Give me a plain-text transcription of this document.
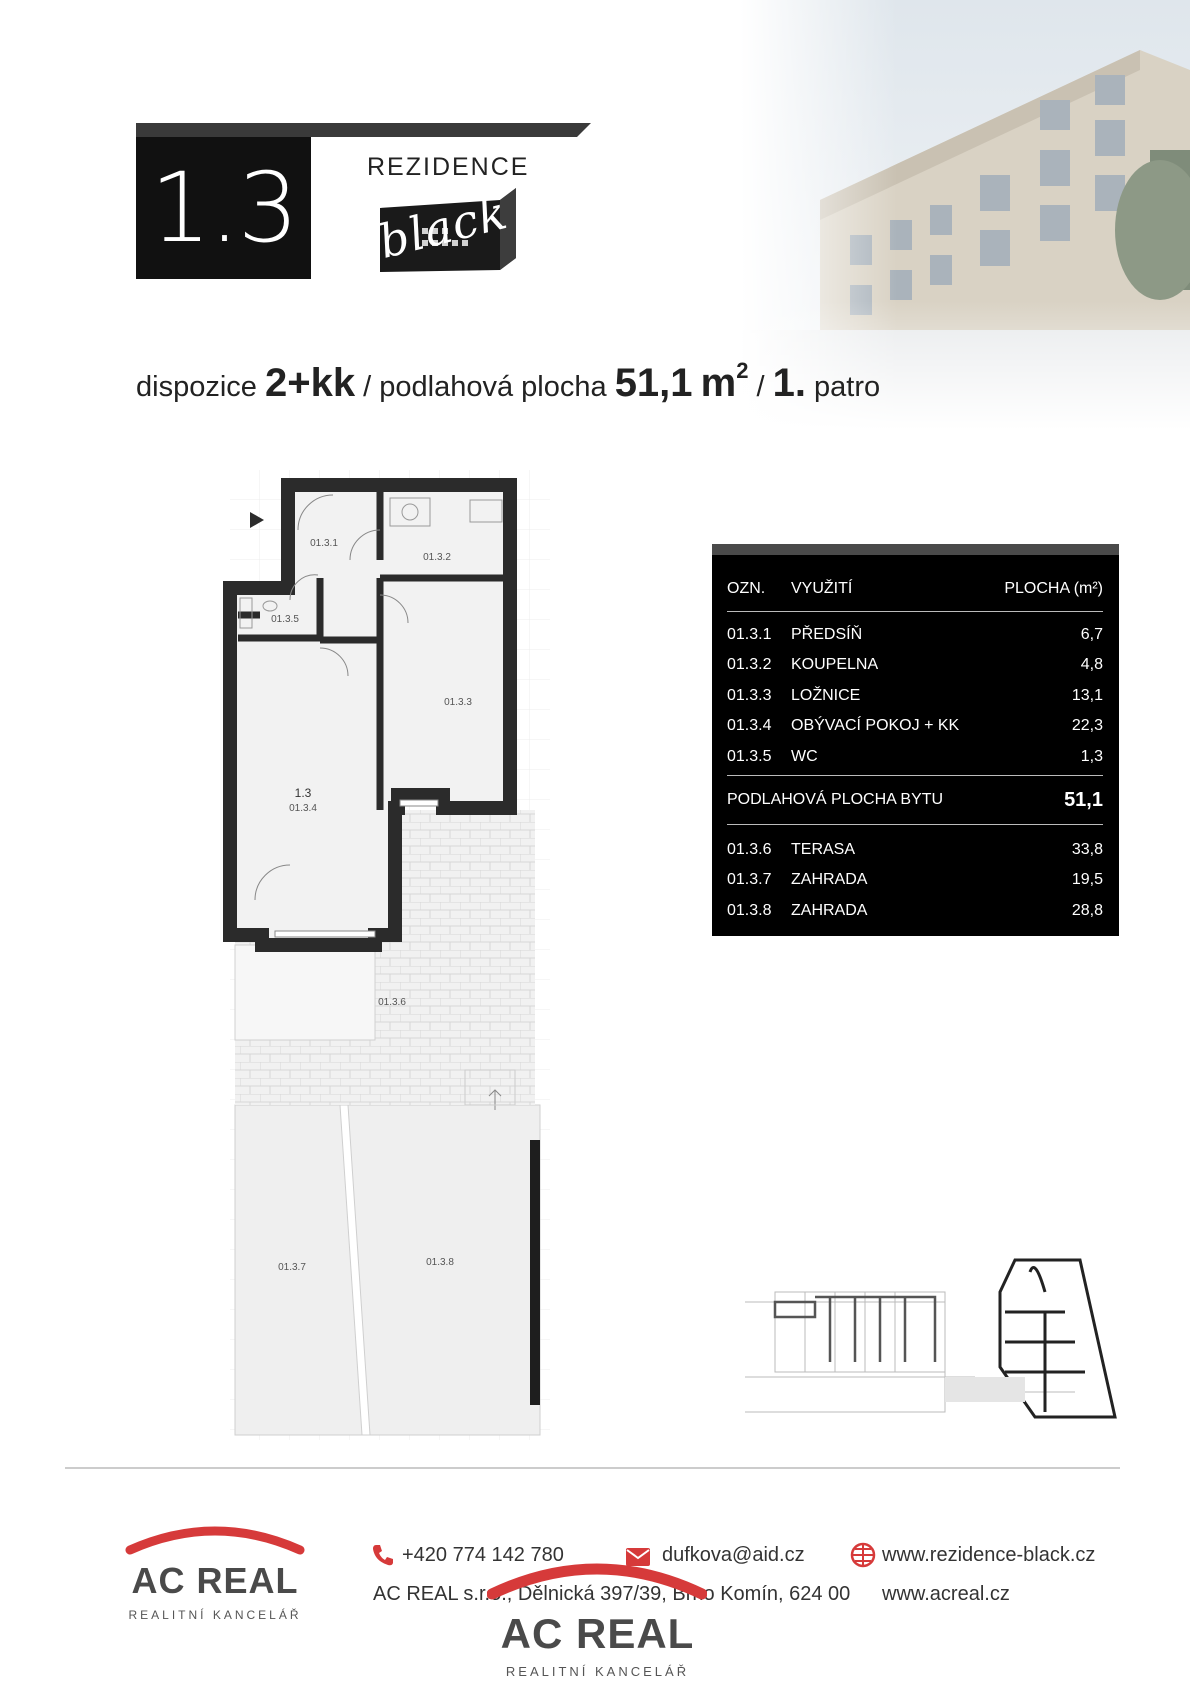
1.3	REZIDENCE
black
dispozice 2+kk / podlahová plocha 51,1 $m^2 / 1$. patro
01.3.1
01.3.2
01.3.3
1.3
01.3.4
01.3.5
01.3.6
01.3.7	01.3.8
OZN.	VYUŽITÍ	PLOCHA (m²)
01.3.1	PŘEDSÍŇ	6,7
01.3.2	KOUPELNA	4,8
01.3.3	LOŽNICE	13,1
01.3.4	OBÝVACÍ POKOJ + KK	22,3
01.3.5	WC	1,3
PODLAHOVÁ PLOCHA BYTU	51,1
01.3.6	TERASA	33,8
01.3.7	ZAHRADA	19,5
01.3.8	ZAHRADA	28,8
AC REAL
REALITNÍ KANCELÁŘ
+420 774 142 780	dufkova@aid.cz	www.rezidence-black.cz
AC REAL s.r.o., Dělnická 397/39, Brno Komín, 624 00 www.acreal.cz
AC REAL
REALITNÍ KANCELÁŘ
